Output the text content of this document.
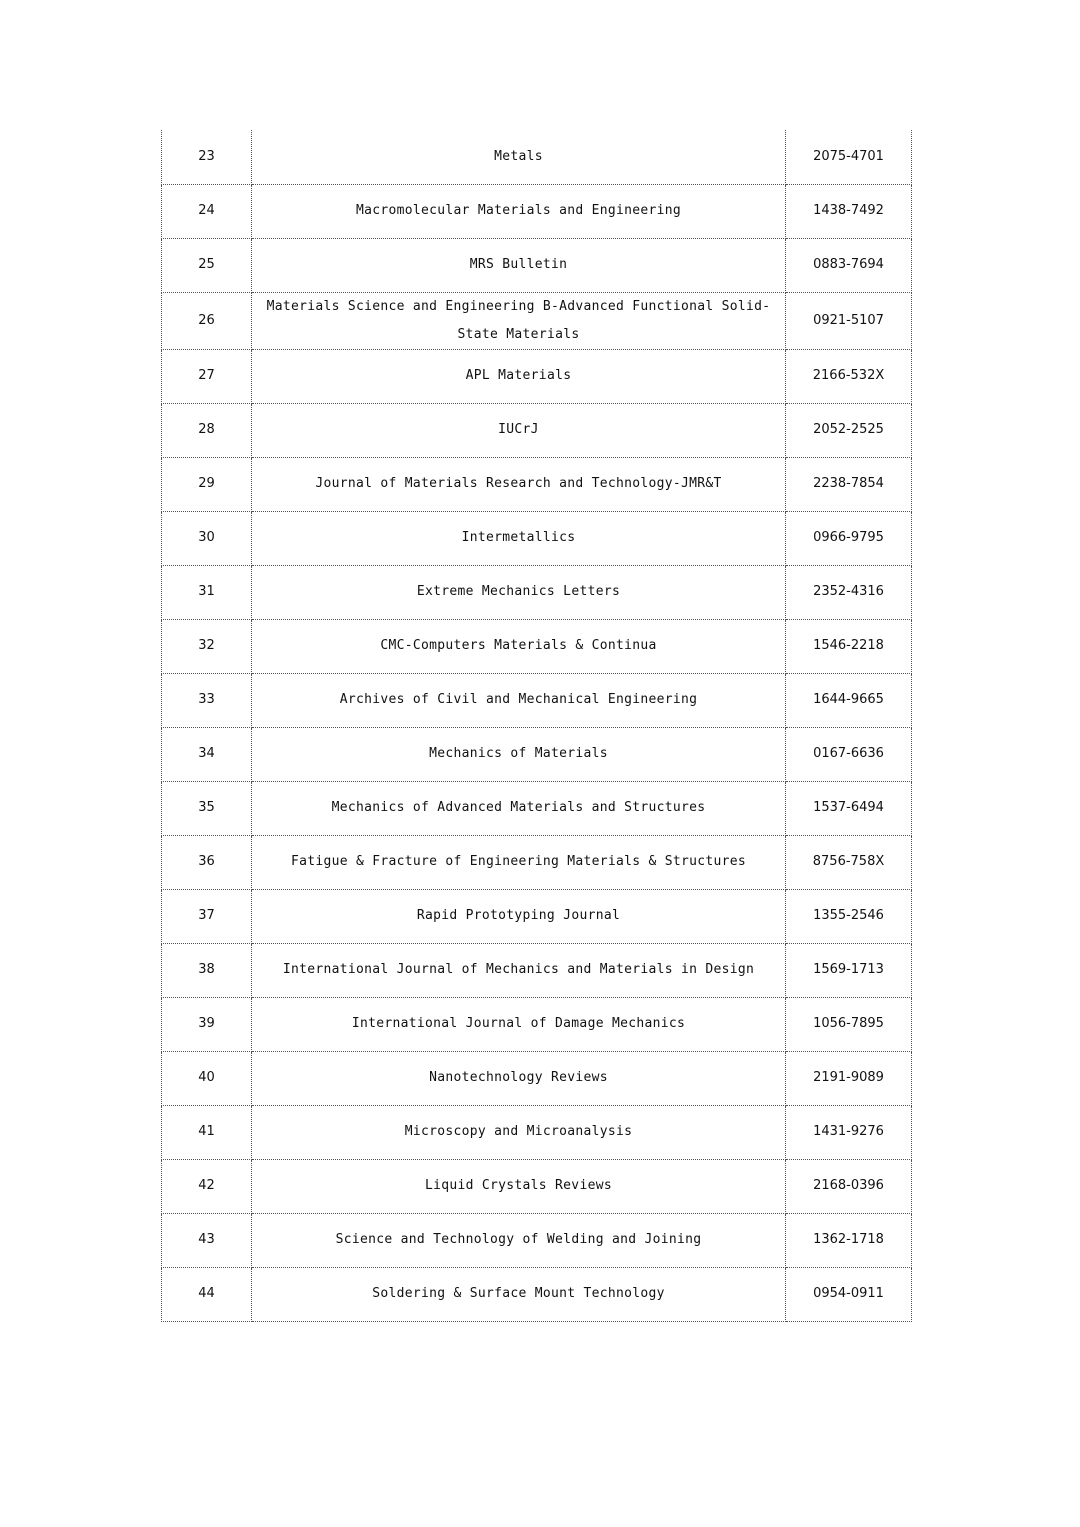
23	Metals	2075-4701
24	Macromolecular Materials and Engineering	1438-7492
25	MRS Bulletin	0883-7694
26	Materials Science and Engineering B-Advanced Functional Solid-State Materials	0921-5107
27	APL Materials	2166-532X
28	IUCrJ	2052-2525
29	Journal of Materials Research and Technology-JMR&T	2238-7854
30	Intermetallics	0966-9795
31	Extreme Mechanics Letters	2352-4316
32	CMC-Computers Materials & Continua	1546-2218
33	Archives of Civil and Mechanical Engineering	1644-9665
34	Mechanics of Materials	0167-6636
35	Mechanics of Advanced Materials and Structures	1537-6494
36	Fatigue & Fracture of Engineering Materials & Structures	8756-758X
37	Rapid Prototyping Journal	1355-2546
38	International Journal of Mechanics and Materials in Design	1569-1713
39	International Journal of Damage Mechanics	1056-7895
40	Nanotechnology Reviews	2191-9089
41	Microscopy and Microanalysis	1431-9276
42	Liquid Crystals Reviews	2168-0396
43	Science and Technology of Welding and Joining	1362-1718
44	Soldering & Surface Mount Technology	0954-0911
